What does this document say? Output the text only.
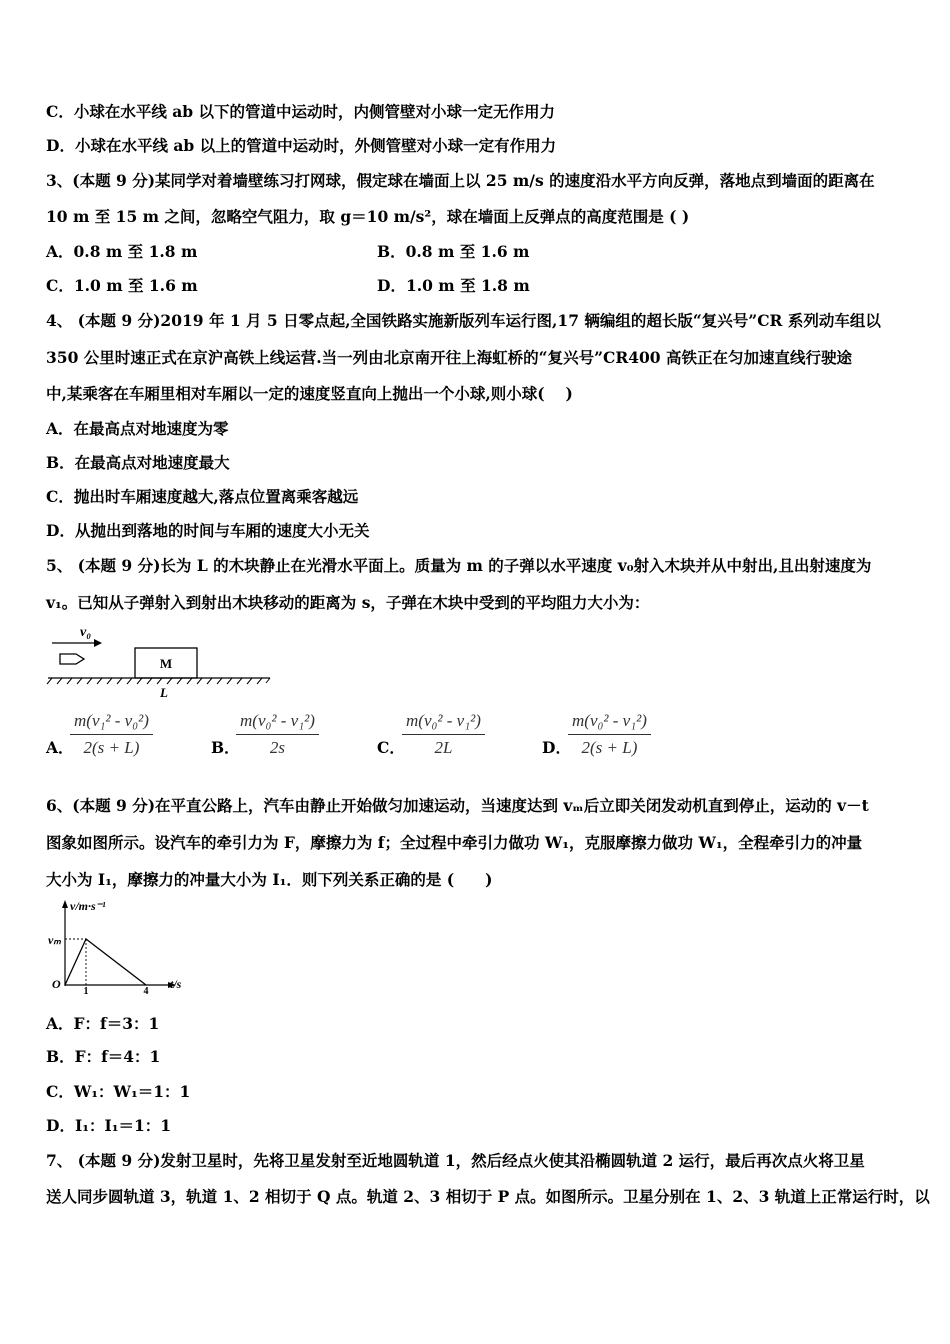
C．小球在水平线 ab 以下的管道中运动时，内侧管壁对小球一定无作用力
D．小球在水平线 ab 以上的管道中运动时，外侧管壁对小球一定有作用力
3、(本题 9 分)某同学对着墙壁练习打网球，假定球在墙面上以 25 m/s 的速度沿水平方向反弹，落地点到墙面的距离在
10 m 至 15 m 之间，忽略空气阻力，取 g＝10 m/s²，球在墙面上反弹点的高度范围是 ( )
A．0.8 m 至 1.8 m	B．0.8 m 至 1.6 m
C．1.0 m 至 1.6 m	D．1.0 m 至 1.8 m
4、 (本题 9 分)2019 年 1 月 5 日零点起,全国铁路实施新版列车运行图,17 辆编组的超长版“复兴号”CR 系列动车组以
350 公里时速正式在京沪高铁上线运营.当一列由北京南开往上海虹桥的“复兴号”CR400 高铁正在匀加速直线行驶途
中,某乘客在车厢里相对车厢以一定的速度竖直向上抛出一个小球,则小球(　 )
A．在最高点对地速度为零
B．在最高点对地速度最大
C．抛出时车厢速度越大,落点位置离乘客越远
D．从抛出到落地的时间与车厢的速度大小无关
5、 (本题 9 分)长为 L 的木块静止在光滑水平面上。质量为 m 的子弹以水平速度 v₀射入木块并从中射出,且出射速度为
v₁。已知从子弹射入到射出木块移动的距离为 s，子弹在木块中受到的平均阻力大小为：
v₀
M
L
A．
$\frac{\text{m(v₁² - v₀²)}}{2(s + L)}$	B．
$\frac{\text{m(v₀² - v₁²)}}{2s}$	C．
$\frac{\text{m(v₀² - v₁²)}}{2L}$	D．
$\frac{\text{m(v₀² - v₁²)}}{2(s + L)}$
6、(本题 9 分)在平直公路上，汽车由静止开始做匀加速运动，当速度达到 vₘ后立即关闭发动机直到停止，运动的 v－t
图象如图所示。设汽车的牵引力为 F，摩擦力为 f；全过程中牵引力做功 W₁，克服摩擦力做功 W₁，全程牵引力的冲量
大小为 I₁，摩擦力的冲量大小为 I₁．则下列关系正确的是 (　　)
v/m·s⁻¹
vₘ
O
1	4
t/s
A．F：f＝3：1
B．F：f＝4：1
C．W₁：W₁＝1：1
D．I₁：I₁＝1：1
7、 (本题 9 分)发射卫星时，先将卫星发射至近地圆轨道 1，然后经点火使其沿椭圆轨道 2 运行，最后再次点火将卫星
送人同步圆轨道 3，轨道 1、2 相切于 Q 点。轨道 2、3 相切于 P 点。如图所示。卫星分别在 1、2、3 轨道上正常运行时，以
